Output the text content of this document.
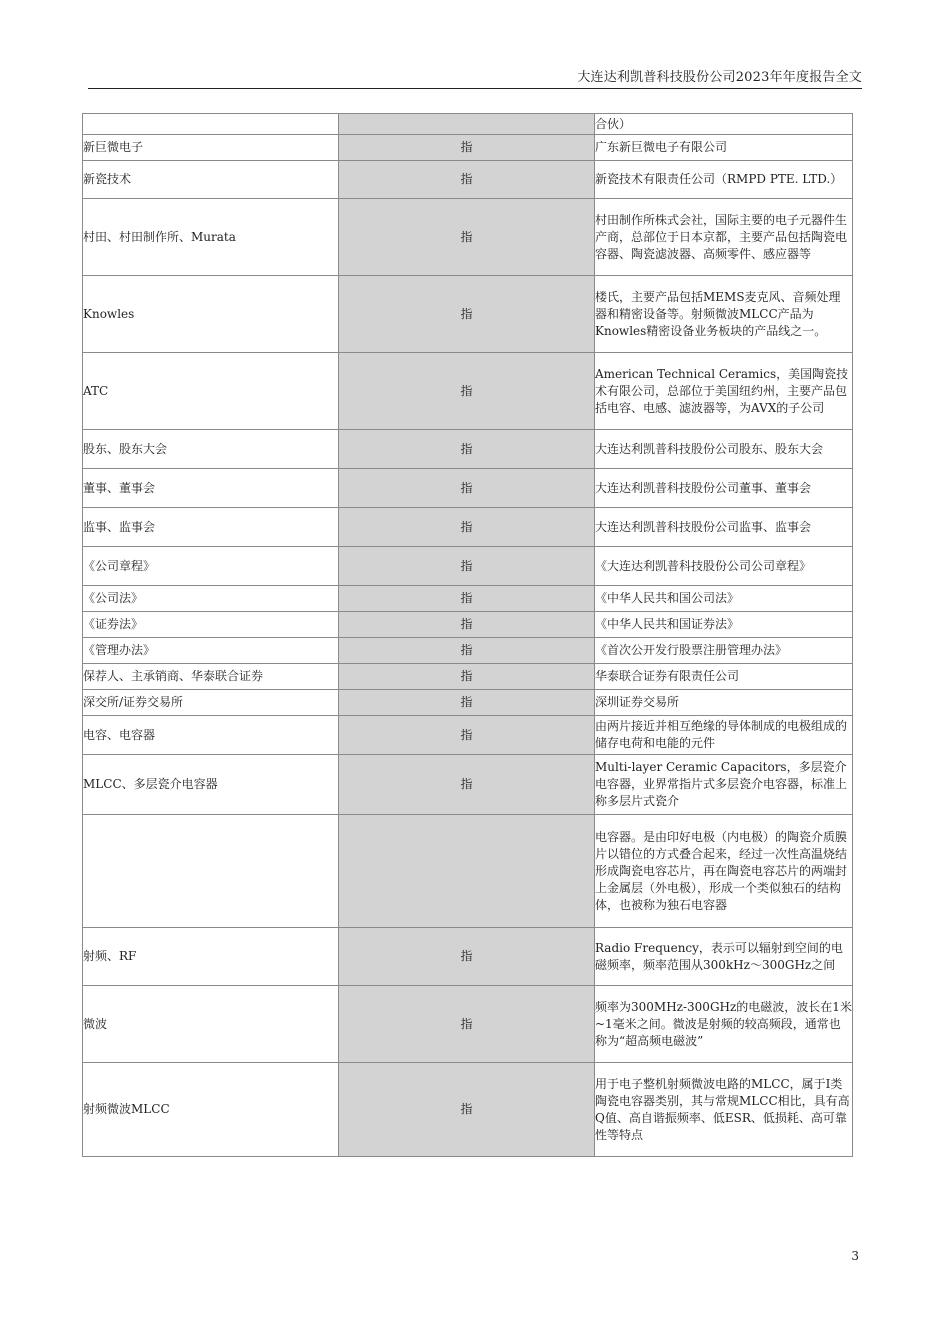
大连达利凯普科技股份公司2023年年度报告全文
		合伙）
新巨微电子	指	广东新巨微电子有限公司
新瓷技术	指	新瓷技术有限责任公司（RMPD PTE. LTD.）
村田、村田制作所、Murata	指	村田制作所株式会社，国际主要的电子元器件生产商，总部位于日本京都，主要产品包括陶瓷电容器、陶瓷滤波器、高频零件、感应器等
Knowles	指	楼氏，主要产品包括MEMS麦克风、音频处理器和精密设备等。射频微波MLCC产品为Knowles精密设备业务板块的产品线之一。
ATC	指	American Technical Ceramics，美国陶瓷技术有限公司，总部位于美国纽约州，主要产品包括电容、电感、滤波器等，为AVX的子公司
股东、股东大会	指	大连达利凯普科技股份公司股东、股东大会
董事、董事会	指	大连达利凯普科技股份公司董事、董事会
监事、监事会	指	大连达利凯普科技股份公司监事、监事会
《公司章程》	指	《大连达利凯普科技股份公司公司章程》
《公司法》	指	《中华人民共和国公司法》
《证券法》	指	《中华人民共和国证券法》
《管理办法》	指	《首次公开发行股票注册管理办法》
保荐人、主承销商、华泰联合证券	指	华泰联合证券有限责任公司
深交所/证券交易所	指	深圳证券交易所
电容、电容器	指	由两片接近并相互绝缘的导体制成的电极组成的储存电荷和电能的元件
MLCC、多层瓷介电容器	指	Multi-layer Ceramic Capacitors，多层瓷介电容器，业界常指片式多层瓷介电容器，标准上称多层片式瓷介
		电容器。是由印好电极（内电极）的陶瓷介质膜片以错位的方式叠合起来，经过一次性高温烧结形成陶瓷电容芯片，再在陶瓷电容芯片的两端封上金属层（外电极），形成一个类似独石的结构体，也被称为独石电容器
射频、RF	指	Radio Frequency，表示可以辐射到空间的电磁频率，频率范围从300kHz～300GHz之间
微波	指	频率为300MHz-300GHz的电磁波，波长在1米~1毫米之间。微波是射频的较高频段，通常也称为“超高频电磁波”
射频微波MLCC	指	用于电子整机射频微波电路的MLCC，属于Ⅰ类陶瓷电容器类别，其与常规MLCC相比，具有高Q值、高自谐振频率、低ESR、低损耗、高可靠性等特点
3
